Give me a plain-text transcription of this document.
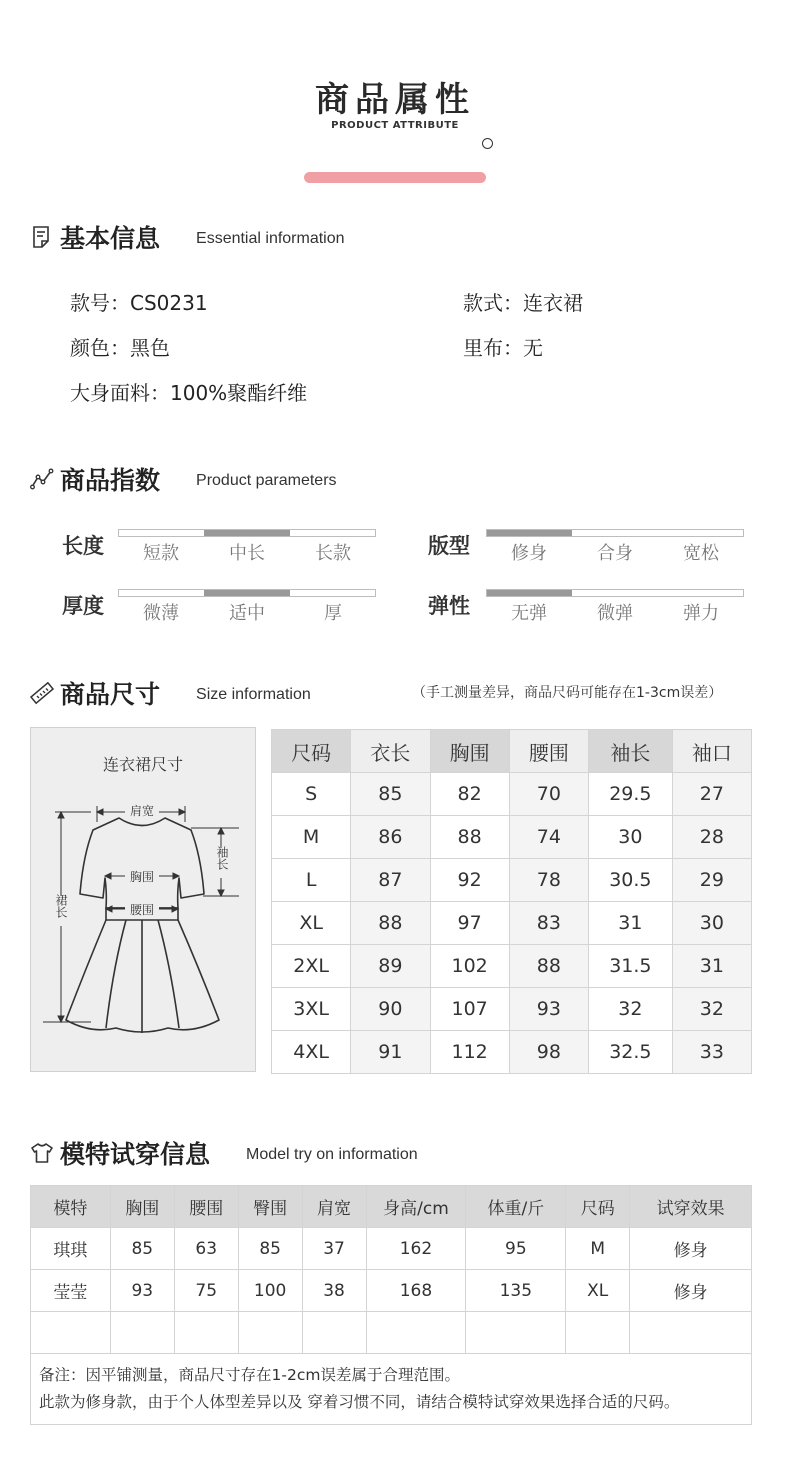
商品属性
PRODUCT ATTRIBUTE
基本信息 Essential information
款号：CS0231	款式：连衣裙
颜色：黑色	里布：无
大身面料：100%聚酯纤维
商品指数 Product parameters
长度	短款	中长	长款	版型	修身	合身	宽松
厚度	微薄	适中	厚	弹性	无弹	微弹	弹力
商品尺寸 Size information	（手工测量差异，商品尺码可能存在1-3cm误差）
连衣裙尺寸
肩宽
胸围
腰围
袖长
裙长
尺码	衣长	胸围	腰围	袖长	袖口
S	85	82	70	29.5	27
M	86	88	74	30	28
L	87	92	78	30.5	29
XL	88	97	83	31	30
2XL	89	102	88	31.5	31
3XL	90	107	93	32	32
4XL	91	112	98	32.5	33
模特试穿信息 Model try on information
模特	胸围	腰围	臀围	肩宽	身高/cm	体重/斤	尺码	试穿效果
琪琪	85	63	85	37	162	95	M	修身
莹莹	93	75	100	38	168	135	XL	修身

备注：因平铺测量，商品尺寸存在1-2cm误差属于合理范围。
此款为修身款，由于个人体型差异以及 穿着习惯不同，请结合模特试穿效果选择合适的尺码。								
